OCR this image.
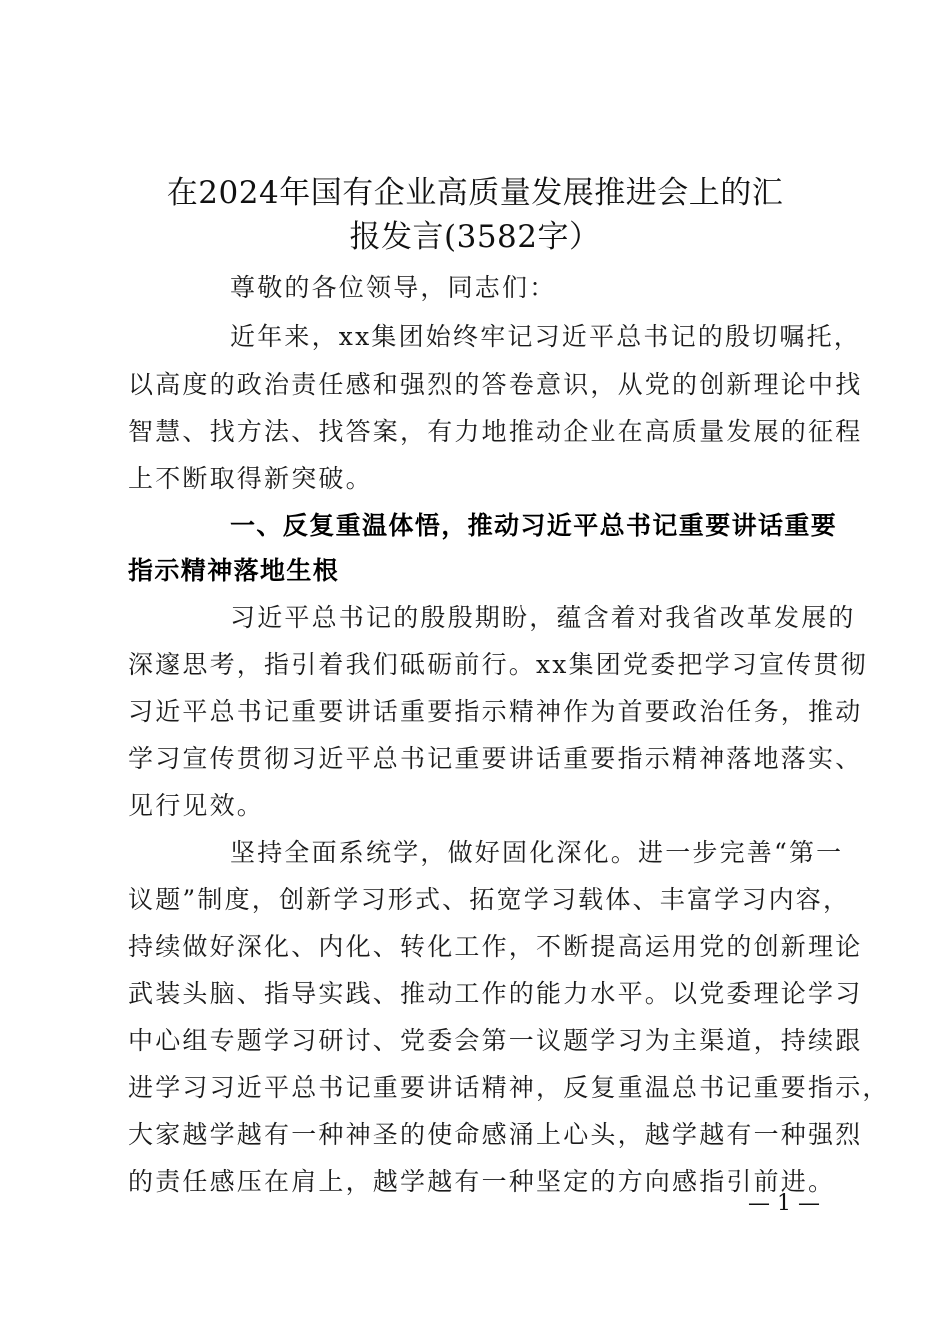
在2024年国有企业高质量发展推进会上的汇
报发言(3582字）
尊敬的各位领导，同志们：
近年来，xx集团始终牢记习近平总书记的殷切嘱托，
以高度的政治责任感和强烈的答卷意识，从党的创新理论中找
智慧、找方法、找答案，有力地推动企业在高质量发展的征程
上不断取得新突破。
一、反复重温体悟，推动习近平总书记重要讲话重要
指示精神落地生根
习近平总书记的殷殷期盼，蕴含着对我省改革发展的
深邃思考，指引着我们砥砺前行。xx集团党委把学习宣传贯彻
习近平总书记重要讲话重要指示精神作为首要政治任务，推动
学习宣传贯彻习近平总书记重要讲话重要指示精神落地落实、
见行见效。
坚持全面系统学，做好固化深化。进一步完善“第一
议题”制度，创新学习形式、拓宽学习载体、丰富学习内容，
持续做好深化、内化、转化工作，不断提高运用党的创新理论
武装头脑、指导实践、推动工作的能力水平。以党委理论学习
中心组专题学习研讨、党委会第一议题学习为主渠道，持续跟
进学习习近平总书记重要讲话精神，反复重温总书记重要指示，
大家越学越有一种神圣的使命感涌上心头，越学越有一种强烈
的责任感压在肩上，越学越有一种坚定的方向感指引前进。
— 1 —
